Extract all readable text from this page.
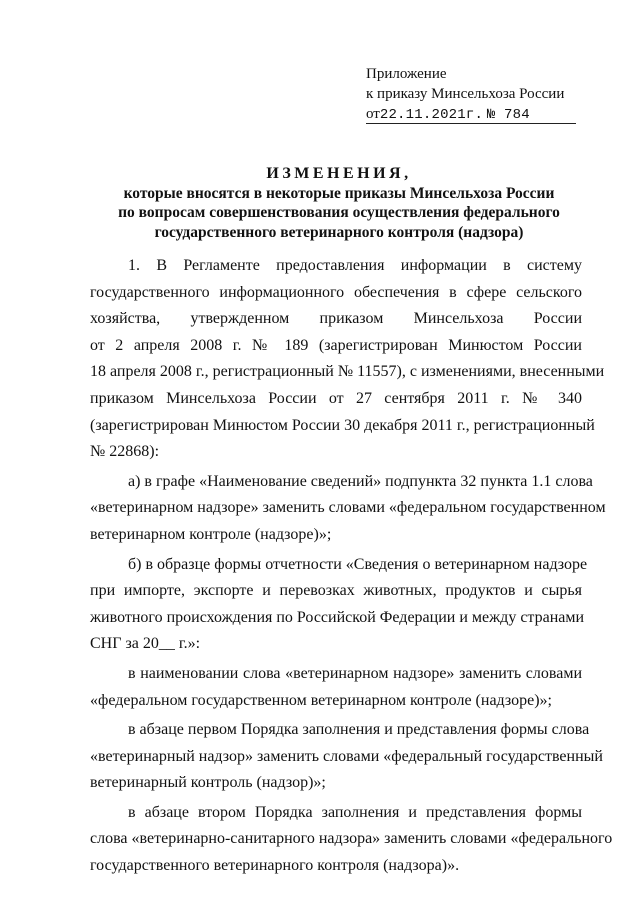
Приложение
к приказу Минсельхоза России
от22.11.2021г. № 784
ИЗМЕНЕНИЯ,
которые вносятся в некоторые приказы Минсельхоза России
по вопросам совершенствования осуществления федерального
государственного ветеринарного контроля (надзора)
1. В Регламенте предоставления информации в систему
государственного информационного обеспечения в сфере сельского
хозяйства, утвержденном приказом Минсельхоза России
от 2 апреля 2008 г. № 189 (зарегистрирован Минюстом России
18 апреля 2008 г., регистрационный № 11557), с изменениями, внесенными
приказом Минсельхоза России от 27 сентября 2011 г. № 340
(зарегистрирован Минюстом России 30 декабря 2011 г., регистрационный
№ 22868):
а) в графе «Наименование сведений» подпункта 32 пункта 1.1 слова
«ветеринарном надзоре» заменить словами «федеральном государственном
ветеринарном контроле (надзоре)»;
б) в образце формы отчетности «Сведения о ветеринарном надзоре
при импорте, экспорте и перевозках животных, продуктов и сырья
животного происхождения по Российской Федерации и между странами
СНГ за 20__ г.»:
в наименовании слова «ветеринарном надзоре» заменить словами
«федеральном государственном ветеринарном контроле (надзоре)»;
в абзаце первом Порядка заполнения и представления формы слова
«ветеринарный надзор» заменить словами «федеральный государственный
ветеринарный контроль (надзор)»;
в абзаце втором Порядка заполнения и представления формы
слова «ветеринарно-санитарного надзора» заменить словами «федерального
государственного ветеринарного контроля (надзора)».
